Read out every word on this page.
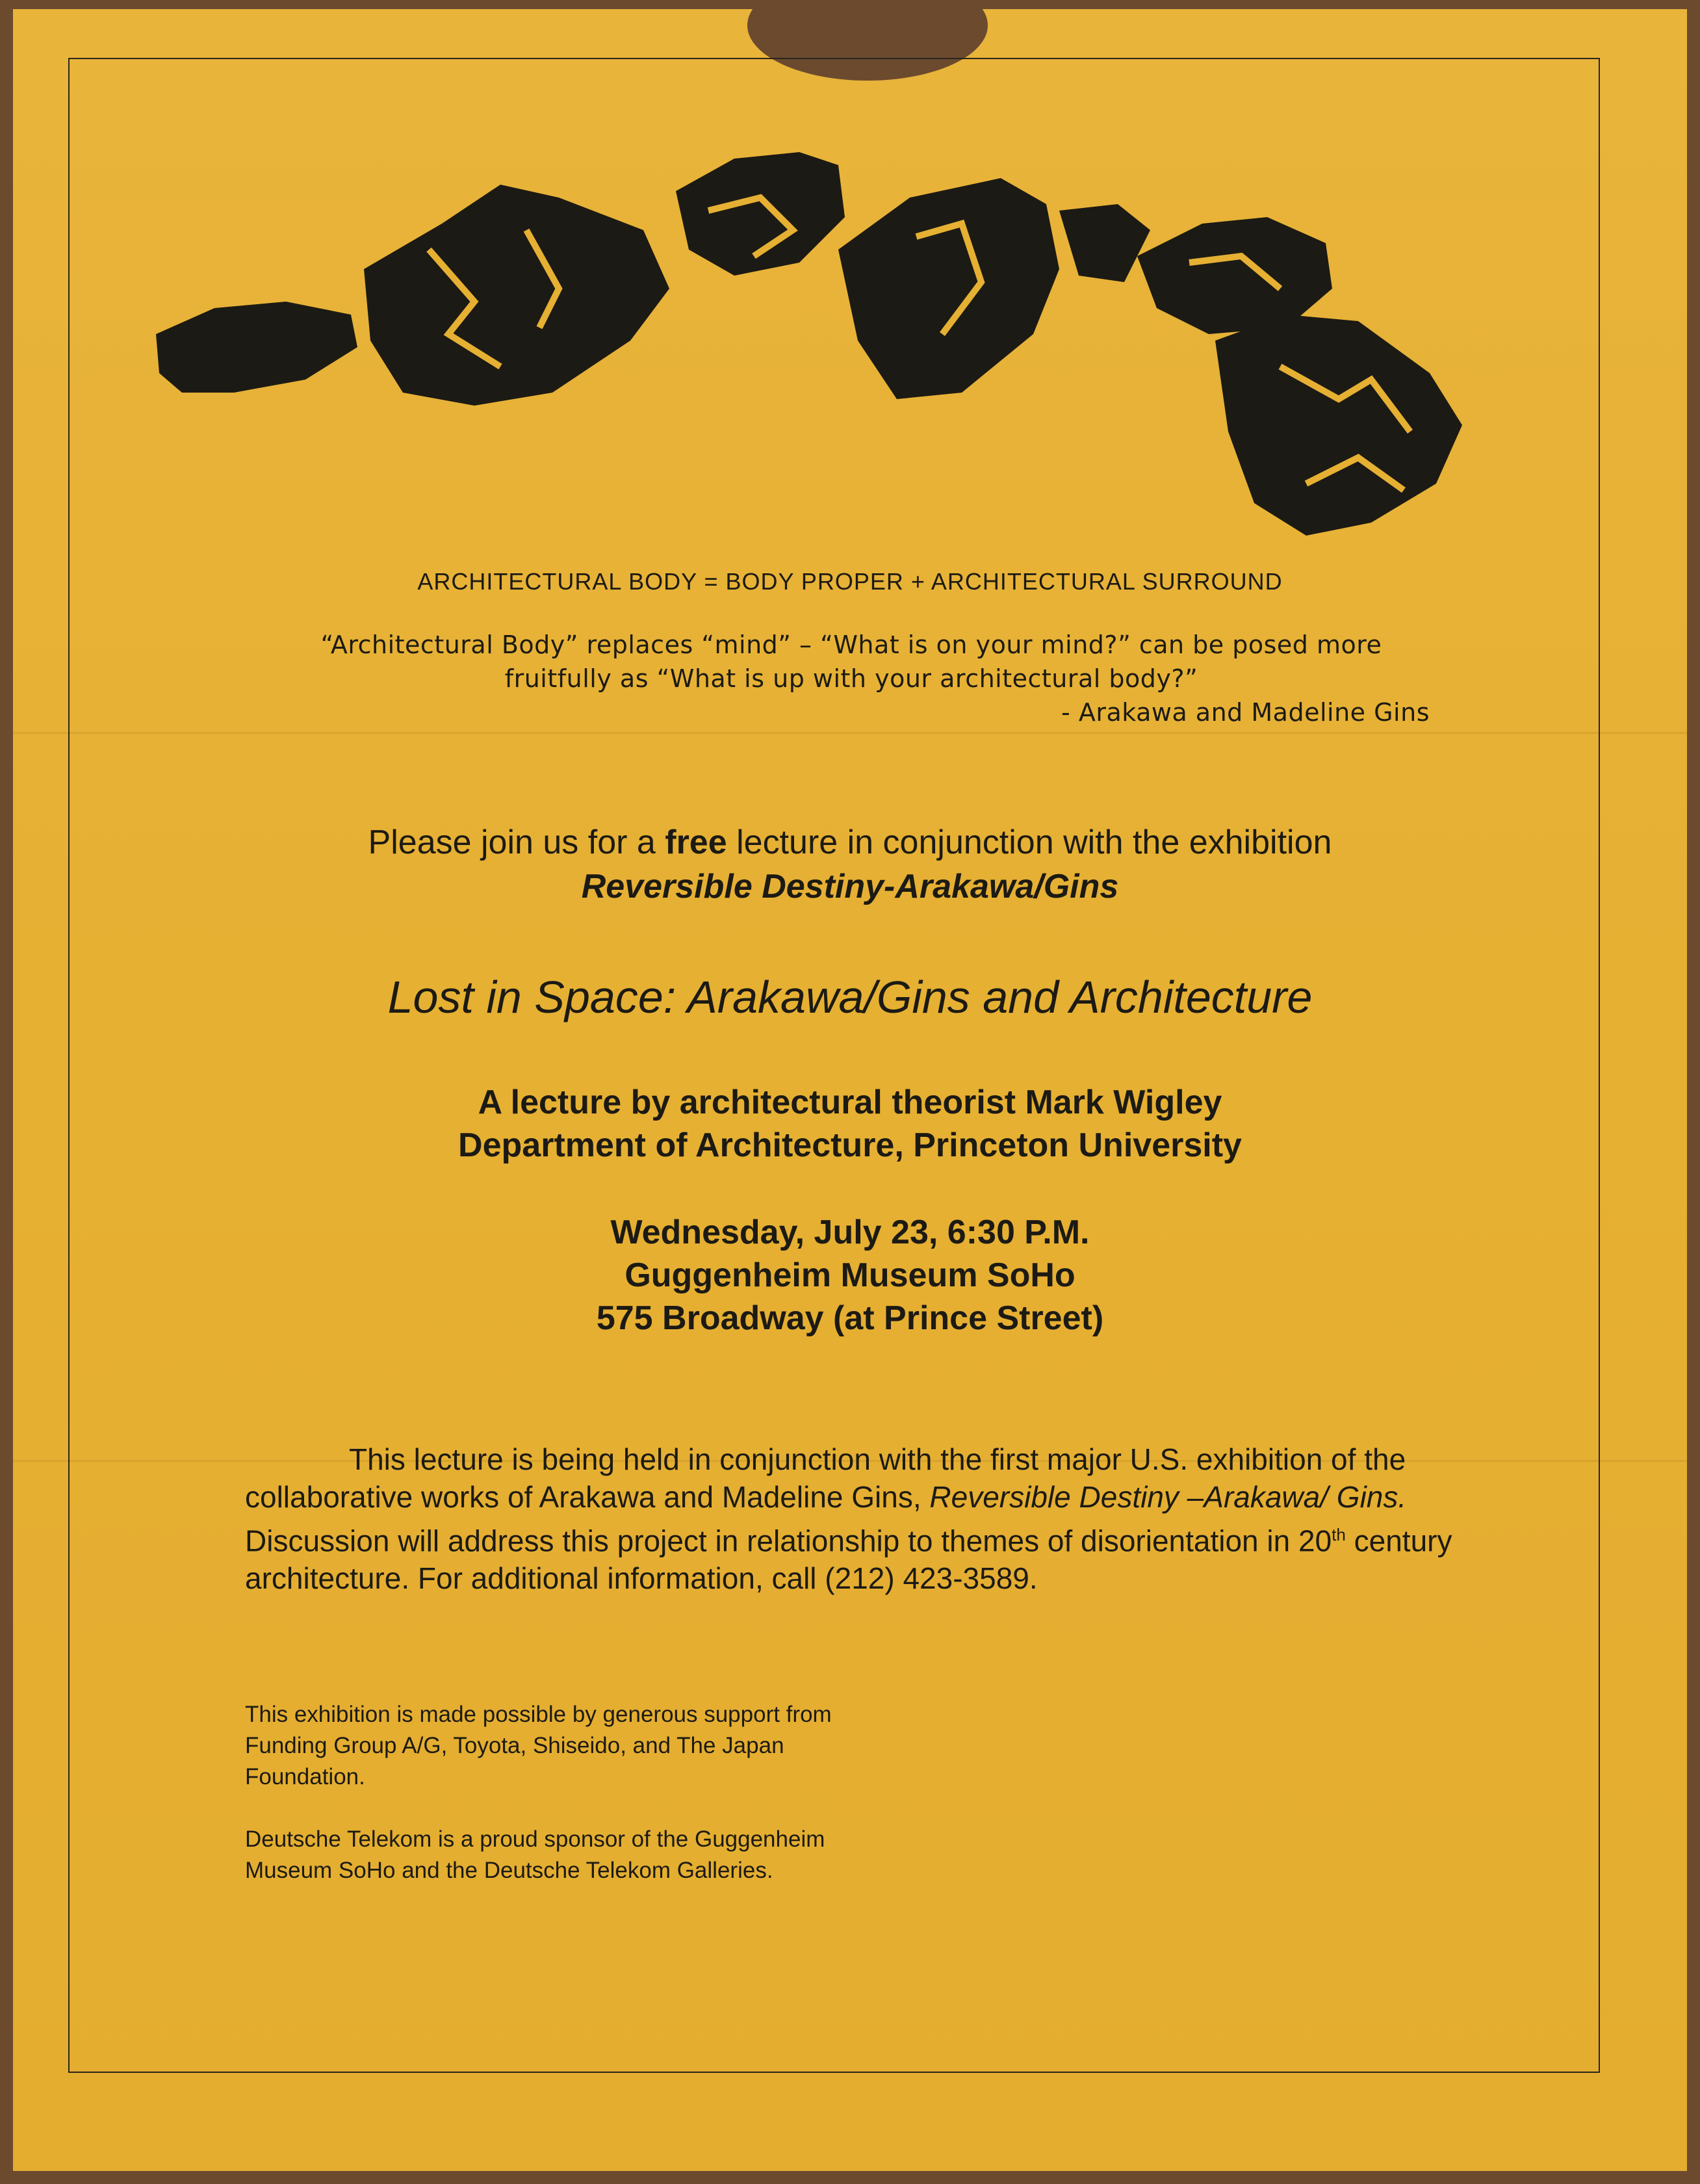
ARCHITECTURAL BODY = BODY PROPER + ARCHITECTURAL SURROUND
“Architectural Body” replaces “mind” – “What is on your mind?” can be posed more
fruitfully as “What is up with your architectural body?”
- Arakawa and Madeline Gins
Please join us for a free lecture in conjunction with the exhibition
Reversible Destiny-Arakawa/Gins
Lost in Space: Arakawa/Gins and Architecture
A lecture by architectural theorist Mark Wigley
Department of Architecture, Princeton University
Wednesday, July 23, 6:30 P.M.
Guggenheim Museum SoHo
575 Broadway (at Prince Street)
This lecture is being held in conjunction with the first major U.S. exhibition of the collaborative works of Arakawa and Madeline Gins, Reversible Destiny –Arakawa/ Gins. Discussion will address this project in relationship to themes of disorientation in 20th century architecture. For additional information, call (212) 423-3589.
This exhibition is made possible by generous support from Funding Group A/G, Toyota, Shiseido, and The Japan Foundation.
Deutsche Telekom is a proud sponsor of the Guggenheim Museum SoHo and the Deutsche Telekom Galleries.
